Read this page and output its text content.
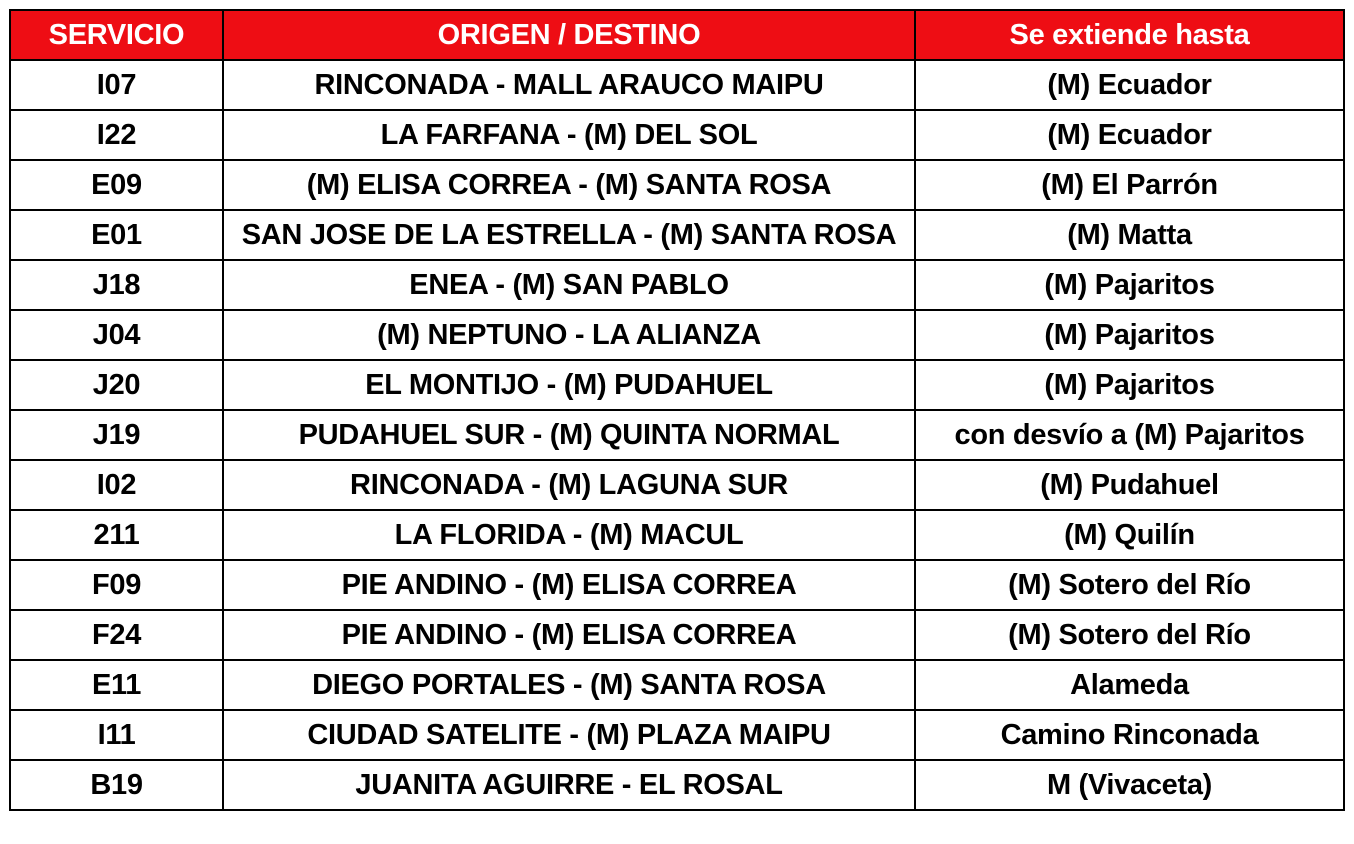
SERVICIO	ORIGEN / DESTINO	Se extiende hasta
I07	RINCONADA - MALL ARAUCO MAIPU	(M) Ecuador
I22	LA FARFANA - (M) DEL SOL	(M) Ecuador
E09	(M) ELISA CORREA - (M) SANTA ROSA	(M) El Parrón
E01	SAN JOSE DE LA ESTRELLA - (M) SANTA ROSA	(M) Matta
J18	ENEA - (M) SAN PABLO	(M) Pajaritos
J04	(M) NEPTUNO - LA ALIANZA	(M) Pajaritos
J20	EL MONTIJO - (M) PUDAHUEL	(M) Pajaritos
J19	PUDAHUEL SUR - (M) QUINTA NORMAL	con desvío a (M) Pajaritos
I02	RINCONADA - (M) LAGUNA SUR	(M) Pudahuel
211	LA FLORIDA - (M) MACUL	(M) Quilín
F09	PIE ANDINO - (M) ELISA CORREA	(M) Sotero del Río
F24	PIE ANDINO - (M) ELISA CORREA	(M) Sotero del Río
E11	DIEGO PORTALES - (M) SANTA ROSA	Alameda
I11	CIUDAD SATELITE - (M) PLAZA MAIPU	Camino Rinconada
B19	JUANITA AGUIRRE - EL ROSAL	M (Vivaceta)
